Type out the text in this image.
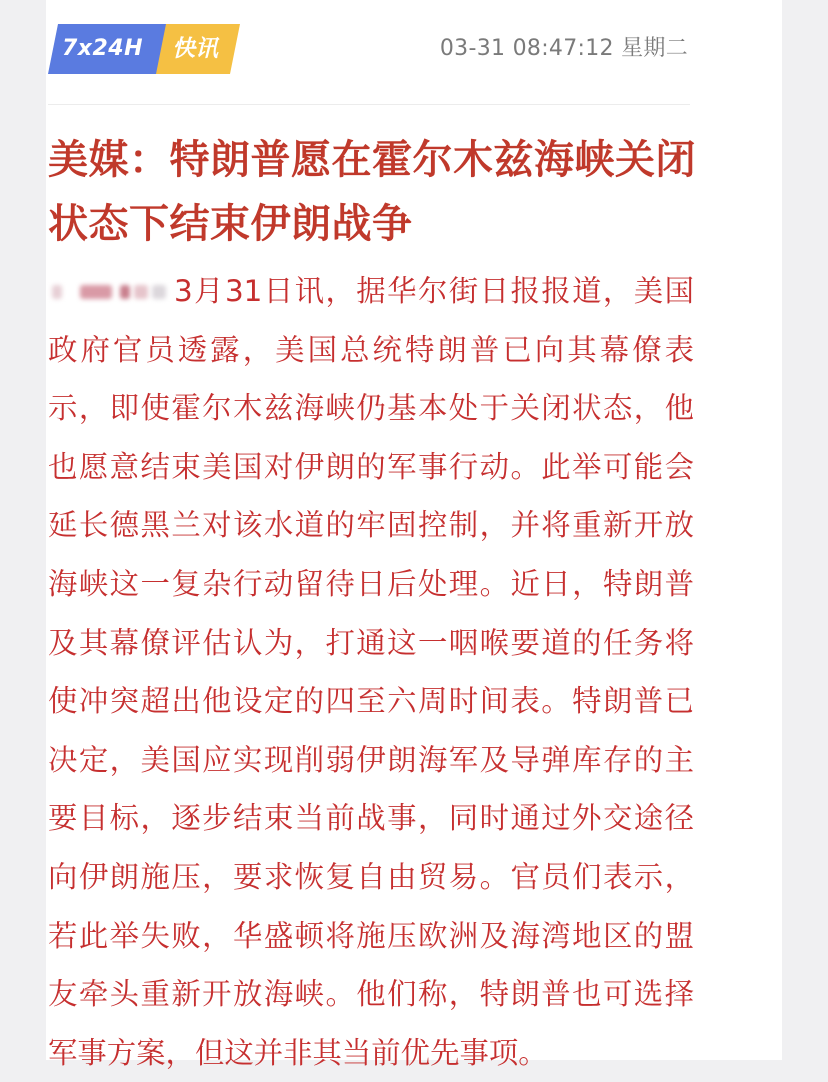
7x24H 快讯	03-31 08:47:12 星期二
美媒：特朗普愿在霍尔木兹海峡关闭状态下结束伊朗战争

3月31日讯，据华尔街日报报道，美国政府官员透露，美国总统特朗普已向其幕僚表示，即使霍尔木兹海峡仍基本处于关闭状态，他也愿意结束美国对伊朗的军事行动。此举可能会延长德黑兰对该水道的牢固控制，并将重新开放海峡这一复杂行动留待日后处理。近日，特朗普及其幕僚评估认为，打通这一咽喉要道的任务将使冲突超出他设定的四至六周时间表。特朗普已决定，美国应实现削弱伊朗海军及导弹库存的主要目标，逐步结束当前战事，同时通过外交途径向伊朗施压，要求恢复自由贸易。官员们表示，若此举失败，华盛顿将施压欧洲及海湾地区的盟友牵头重新开放海峡。他们称，特朗普也可选择军事方案，但这并非其当前优先事项。
